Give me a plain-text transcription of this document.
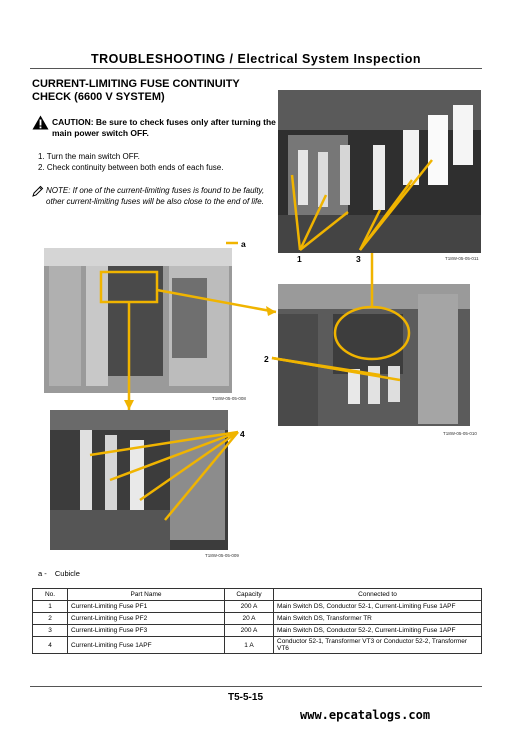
TROUBLESHOOTING / Electrical System Inspection
CURRENT-LIMITING FUSE CONTINUITY CHECK (6600 V SYSTEM)
CAUTION: Be sure to check fuses only after turning the main power switch OFF.
1. Turn the main switch OFF.
2. Check continuity between both ends of each fuse.
NOTE: If one of the current-limiting fuses is found to be faulty, other current-limiting fuses will be also close to the end of life.
T18W-05-05-011
1	3
T18W-05-05-008
a
T18W-05-05-010
2
T18W-05-05-009
4
a - Cubicle
No.	Part Name	Capacity	Connected to
1	Current-Limiting Fuse PF1	200 A	Main Switch DS, Conductor 52-1, Current-Limiting Fuse 1APF
2	Current-Limiting Fuse PF2	20 A	Main Switch DS, Transformer TR
3	Current-Limiting Fuse PF3	200 A	Main Switch DS, Conductor 52-2, Current-Limiting Fuse 1APF
4	Current-Limiting Fuse 1APF	1 A	Conductor 52-1, Transformer VT3 or Conductor 52-2, Transformer VT6
T5-5-15
www.epcatalogs.com
